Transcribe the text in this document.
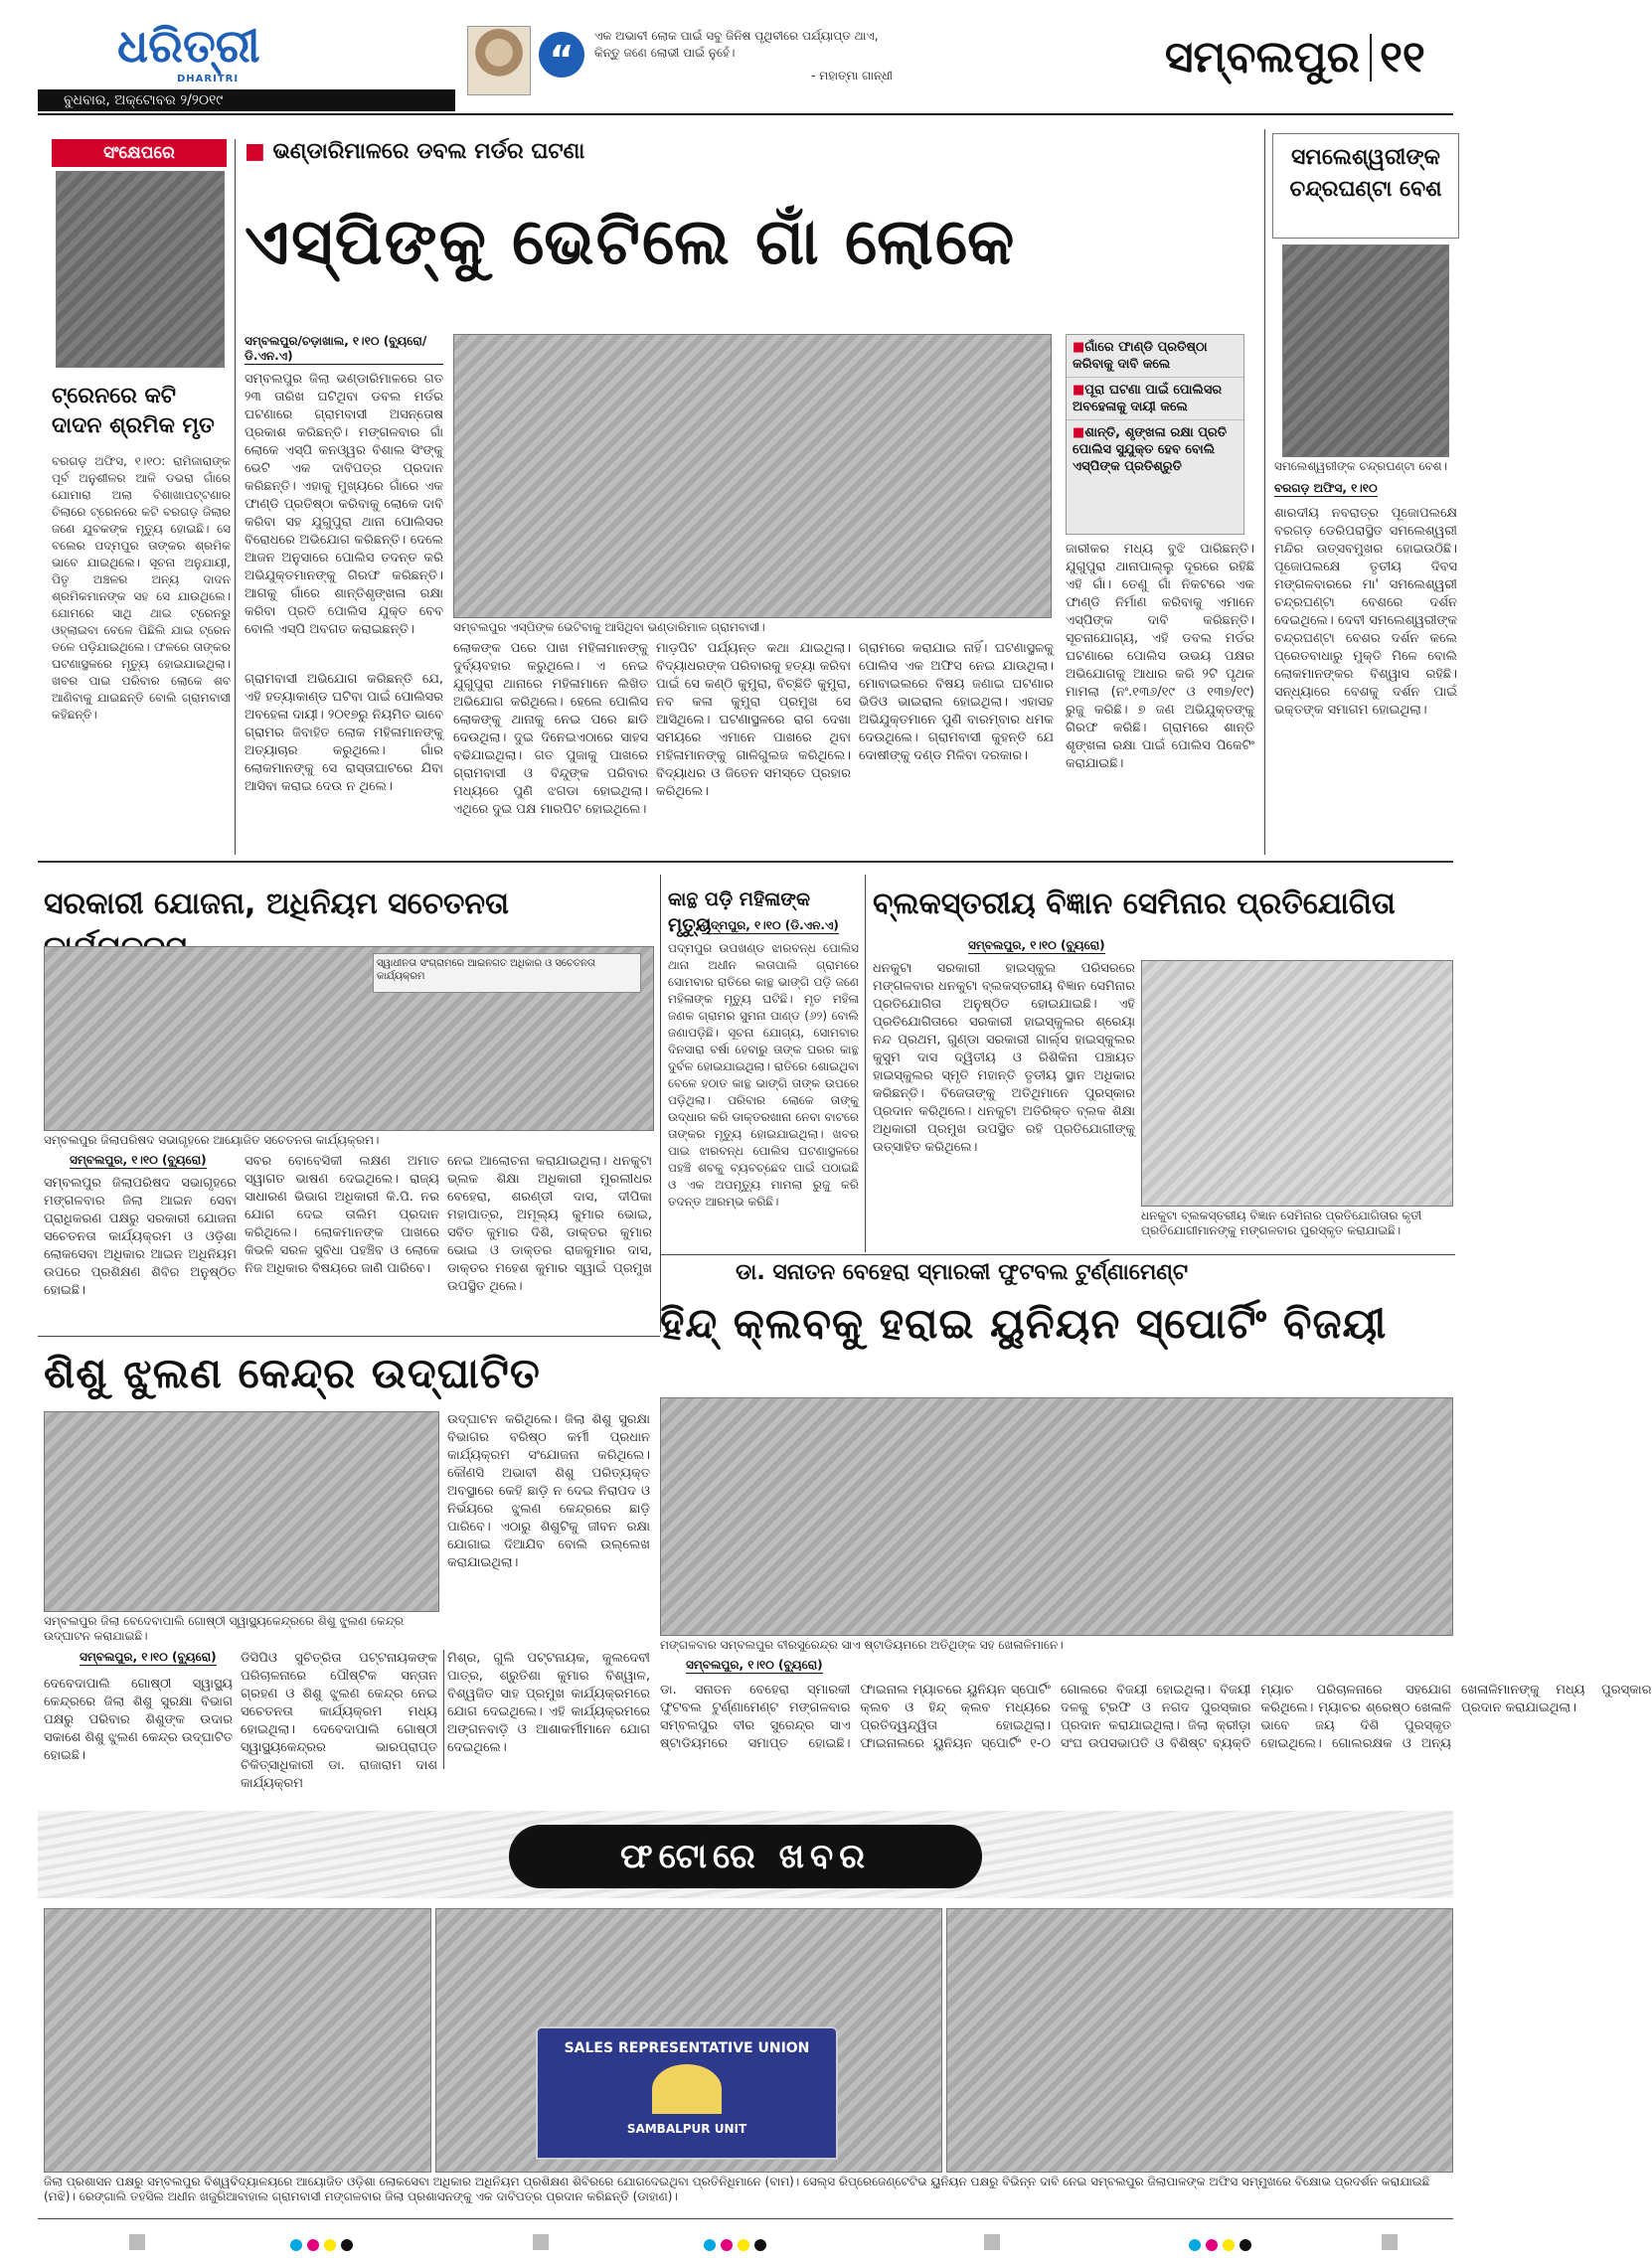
ଧରିତ୍ରୀ
DHARITRI
ବୁଧବାର, ଅକ୍ଟୋବର ୨/୨୦୧୯
“
ଏକ ଅଭାବୀ ଲୋକ ପାଇଁ ସବୁ ଜିନିଷ ପୃଥିବୀରେ ପର୍ଯ୍ୟାପ୍ତ ଥାଏ, କିନ୍ତୁ ଜଣେ ଲୋଭୀ ପାଇଁ ନୁହେଁ।
- ମହାତ୍ମା ଗାନ୍ଧୀ	ସମ୍ବଲପୁର ୧୧
ସଂକ୍ଷେପରେ
ଟ୍ରେନରେ କଟି ଦାଦନ ଶ୍ରମିକ ମୃତ
ବରଗଡ଼ ଅଫିସ, ୧।୧୦: ରାମିଜାରାଙ୍କ ପୂର୍ବ ଅନୁଶୀଳର ଆଳି ଡଭରା ଗାଁରେ ଯୋମାରା ଅଲା ବିଶାଖାପଟ୍ଟଣାର ଚିଲାରେ ଟ୍ରେନରେ କଟି ବରଗଡ଼ ଜିଲାର ଜଣେ ଯୁବକଙ୍କ ମୃତ୍ୟୁ ହୋଇଛି। ସେ ବଲେର ପଦ୍ମପୁର ତାଙ୍କର ଶ୍ରମିକ ଭାବେ ଯାଇଥିଲେ। ସୂଚନା ଅନୁଯାୟୀ, ପିତୃ ଅଞ୍ଚଳର ଅନ୍ୟ ଦାଦନ ଶ୍ରମିକମାନଙ୍କ ସହ ସେ ଯାଉଥିଲେ। ଯୋମରେ ସାଥି ଥାଇ ଟ୍ରେନରୁ ଓହ୍ଲାଇବା ବେଳେ ପିଛିଲି ଯାଇ ଟ୍ରେନ ତଳେ ପଡ଼ିଯାଇଥିଲେ। ଫଳରେ ତାଙ୍କର ଘଟଣାସ୍ଥଳରେ ମୃତ୍ୟୁ ହୋଇଯାଇଥିଲା। ଖବର ପାଇ ପରିବାର ଲୋକେ ଶବ ଆଣିବାକୁ ଯାଇଛନ୍ତି ବୋଲି ଗ୍ରାମବାସୀ କହିଛନ୍ତି।
■ ଭଣ୍ଡାରିମାଳରେ ଡବଲ ମର୍ଡର ଘଟଣା
ଏସ୍‌ପିଙ୍କୁ ଭେଟିଲେ ଗାଁ ଲୋକେ
ସମ୍ବଲପୁର/ଚଡ଼ାଖାଲ, ୧।୧୦ (ବ୍ୟୁରୋ/ଡି.ଏନ.ଏ)
ସମ୍ବଲପୁର ଜିଲା ଭଣ୍ଡାରିମାଳରେ ଗତ ୨୩ ତାରିଖ ଘଟିଥିବା ଡବଲ ମର୍ଡର ଘଟଣାରେ ଗ୍ରାମବାସୀ ଅସନ୍ତୋଷ ପ୍ରକାଶ କରିଛନ୍ତି। ମଙ୍ଗଳବାର ଗାଁ ଲୋକେ ଏସ୍‌ପି କନଓ୍ୱର ବିଶାଲ ସିଂଙ୍କୁ ଭେଟି ଏକ ଦାବିପତ୍ର ପ୍ରଦାନ କରିଛନ୍ତି। ଏହାକୁ ମୁଖ୍ୟରେ ଗାଁରେ ଏକ ଫାଣ୍ଡି ପ୍ରତିଷ୍ଠା କରିବାକୁ ଲୋକେ ଦାବି କରିବା ସହ ଯୁଗୁପୁରା ଥାନା ପୋଲିସର ବିରୋଧରେ ଅଭିଯୋଗ କରିଛନ୍ତି। ଦେଲେ ଆଜନ ଅନୁସାରେ ପୋଲିସ ତଦନ୍ତ କରି ଅଭିଯୁକ୍ତମାନଙ୍କୁ ଗିରଫ କରିଛନ୍ତି। ଆଗକୁ ଗାଁରେ ଶାନ୍ତିଶୃଙ୍ଖଳା ରକ୍ଷା କରିବା ପ୍ରତି ପୋଲିସ ଯୁକ୍ତ ବେବ ବୋଲି ଏସ୍‌ପି ଅବଗତ କରାଇଛନ୍ତି।
ଗ୍ରାମବାସୀ ଅଭିଯୋଗ କରିଛନ୍ତି ଯେ, ଏହି ହତ୍ୟାକାଣ୍ଡ ଘଟିବା ପାଇଁ ପୋଲିସର ଅବହେଳା ଦାୟୀ। ୨୦୧୭ରୁ ନିୟମିତ ଭାବେ ଗ୍ରାମର ଜିବାହିତ ଲୋକ ମହିଳାମାନଙ୍କୁ ଅତ୍ୟାଚାର କରୁଥିଲେ। ଗାଁର ଲୋକମାନଙ୍କୁ ସେ ରାସ୍ତାଘାଟରେ ଯିବା ଆସିବା କରାଇ ଦେଉ ନ ଥିଲେ।
ସମ୍ବଲପୁର ଏସ୍‌ପିଙ୍କ ଭେଟିବାକୁ ଆସିଥିବା ଭଣ୍ଡାରିମାଳ ଗ୍ରାମବାସୀ।
ଲୋକଙ୍କ ପରେ ପାଖ ମହିଳାମାନଙ୍କୁ ଦୁର୍ବ୍ୟବହାର କରୁଥିଲେ। ଏ ନେଇ ଯୁଗୁପୁରା ଥାନାରେ ମହିଳାମାନେ ଲିଖିତ ଅଭିଯୋଗ କରିଥିଲେ। ହେଲେ ପୋଲିସ ଲୋକଙ୍କୁ ଥାନାକୁ ନେଇ ପରେ ଛାଡି ଦେଉଥିଲା। ଦୁଇ ଦିନେଇଏଠାରେ ସାହସ ବଢିଯାଇଥିଲା। ଗତ ପୁଜାକୁ ପାଖରେ ଗ୍ରାମବାସୀ ଓ ବିନ୍ଦୁଙ୍କ ପରିବାର ମଧ୍ୟରେ ପୁଣି ଝଗଡା ହୋଇଥିଲା। ଏଥିରେ ଦୁଇ ପକ୍ଷ ମାରପିଟ ହୋଇଥିଲେ।
ମାଡ଼ପିଟ ପର୍ଯ୍ୟନ୍ତ କଥା ଯାଇଥିଲା। ବିଦ୍ୟାଧରଙ୍କ ପରିବାରକୁ ହତ୍ୟା କରିବା ପାଇଁ ସେ କଣ୍ଠି କୁମୁରା, ବିଚ୍ଛିତି କୁମୁରା, ନବ କଳା କୁମୁରା ପ୍ରମୁଖ ସେ ଆସିଥିଲେ। ଘଟଣାସ୍ଥଳରେ ରାଗ ଦେଖା ସମୟରେ ଏମାନେ ପାଖରେ ଥିବା ମହିଳାମାନଙ୍କୁ ଗାଳିଗୁଲଜ କରିଥିଲେ। ବିଦ୍ୟାଧର ଓ ଜିତେନ ସମସ୍ତେ ପ୍ରହାର କରିଥିଲେ।
ଗ୍ରାମରେ କରାଯାଇ ନାହିଁ। ଘଟଣାସ୍ଥଳକୁ ପୋଲିସ ଏକ ଅଫିସ ନେଇ ଯାଉଥିଲା। ମୋବାଇଲରେ ବିଷୟ ଜଣାଇ ଘଟଣାର ଭିଡିଓ ଭାଇରାଲ ହୋଇଥିଲା। ଏହାସହ ଅଭିଯୁକ୍ତମାନେ ପୁଣି ବାରମ୍ବାର ଧମକ ଦେଉଥିଲେ। ଗ୍ରାମବାସୀ କୁହନ୍ତି ଯେ ଦୋଷୀଙ୍କୁ ଦଣ୍ଡ ମିଳିବା ଦରକାର।
■ ଗାଁରେ ଫାଣ୍ଡି ପ୍ରତିଷ୍ଠା କରିବାକୁ ଦାବି କଲେ
■ ପୂରା ଘଟଣା ପାଇଁ ପୋଲିସର ଅବହେଳାକୁ ଦାୟୀ କଲେ
■ ଶାନ୍ତି, ଶୃଙ୍ଖଳା ରକ୍ଷା ପ୍ରତି ପୋଲିସ ସୁଯୁକ୍ତ ହେବ ବୋଲି ଏସ୍‌ପିଙ୍କ ପ୍ରତିଶ୍ରୁତି
ଜାରୀକର ମଧ୍ୟ ବୁଝି ପାରିଛନ୍ତି। ଯୁଗୁପୁରା ଥାନାପାଲ୍ଲୁ ଦୂରରେ ରହିଛି ଏହି ଗାଁ। ତେଣୁ ଗାଁ ନିକଟରେ ଏକ ଫାଣ୍ଡି ନିର୍ମାଣ କରିବାକୁ ଏମାନେ ଏସ୍‌ପିଙ୍କ ଦାବି କରିଛନ୍ତି। ସୂଚନାଯୋଗ୍ୟ, ଏହି ଡବଲ ମର୍ଡର ଘଟଣାରେ ପୋଲିସ ଉଭୟ ପକ୍ଷର ଅଭିଯୋଗକୁ ଆଧାର କରି ୨ଟି ପୃଥକ ମାମଲା (ନଂ.୧୩୬/୧୯ ଓ ୧୩୭/୧୯) ରୁଜୁ କରିଛି। ୭ ଜଣ ଅଭିଯୁକ୍ତଙ୍କୁ ଗିରଫ କରିଛି। ଗ୍ରାମରେ ଶାନ୍ତି ଶୃଙ୍ଖଳା ରକ୍ଷା ପାଇଁ ପୋଲିସ ପିକେଟିଂ କରାଯାଇଛି।
ସମଲେଶ୍ୱରୀଙ୍କ ଚନ୍ଦ୍ରଘଣ୍ଟା ବେଶ
ସମଲେଶ୍ୱରୀଙ୍କ ଚନ୍ଦ୍ରଘଣ୍ଟା ବେଶ।
ବରଗଡ଼ ଅଫିସ, ୧।୧୦
ଶାରଦୀୟ ନବରାତ୍ର ପୂଜୋପଲକ୍ଷେ ବରଗଡ଼ ଡେରିପରାସ୍ଥିତ ସମଲେଶ୍ୱରୀ ମନ୍ଦିର ଉତ୍ସବମୁଖର ହୋଇଉଠିଛି। ପୂଜୋପଲକ୍ଷେ ତୃତୀୟ ଦିବସ ମଙ୍ଗଳବାରରେ ମା' ସମଲେଶ୍ୱରୀ ଚନ୍ଦ୍ରଘଣ୍ଟା ବେଶରେ ଦର୍ଶନ ଦେଇଥିଲେ। ଦେବୀ ସମଲେଶ୍ୱରୀଙ୍କ ଚନ୍ଦ୍ରଘଣ୍ଟା ବେଶର ଦର୍ଶନ କଲେ ପ୍ରେତବାଧାରୁ ମୁକ୍ତି ମିଳେ ବୋଲି ଲୋକମାନଙ୍କର ବିଶ୍ୱାସ ରହିଛି। ସନ୍ଧ୍ୟାରେ ବେଶକୁ ଦର୍ଶନ ପାଇଁ ଭକ୍ତଙ୍କ ସମାଗମ ହୋଇଥିଲା।
ସରକାରୀ ଯୋଜନା, ଅଧିନିୟମ ସଚେତନତା
ସ୍ୱାଧୀନତା ସଂଗ୍ରାମରେ ଆଇନଗତ ଅଧିକାର ଓ ସଚେତନତା କାର୍ଯ୍ୟକ୍ରମ
ସମ୍ବଲପୁର ଜିଲାପରିଷଦ ସଭାଗୃହରେ ଆୟୋଜିତ ସଚେତନତା କାର୍ଯ୍ୟକ୍ରମ।
ସମ୍ବଲପୁର, ୧।୧୦ (ବ୍ୟୁରୋ)
ସମ୍ବଲପୁର ଜିଲାପରିଷଦ ସଭାଗୃହରେ ମଙ୍ଗଳବାର ଜିଲା ଆଇନ ସେବା ପ୍ରାଧିକରଣ ପକ୍ଷରୁ ସରକାରୀ ଯୋଜନା ସଚେତନତା କାର୍ଯ୍ୟକ୍ରମ ଓ ଓଡ଼ିଶା ଲୋକସେବା ଅଧିକାର ଆଇନ ଅଧିନିୟମ ଉପରେ ପ୍ରଶିକ୍ଷଣ ଶିବିର ଅନୁଷ୍ଠିତ ହୋଇଛି।
ସବର ବୋବେସିକୀ ଲକ୍ଷଣ ଅମାତ ସ୍ୱାଗତ ଭାଷଣ ଦେଇଥିଲେ। ରାଜ୍ୟ ସାଧାରଣ ଭିଭାଗ ଅଧିକାରୀ କି.ପି. ନର ଯୋଗ ଦେଇ ତାଲିମ ପ୍ରଦାନ କରିଥିଲେ। ଲୋକମାନଙ୍କ ପାଖରେ କିଭଳି ସରଳ ସୁବିଧା ପହଞ୍ଚିବ ଓ ଲୋକେ ନିଜ ଅଧିକାର ବିଷୟରେ ଜାଣି ପାରିବେ।
ନେଇ ଆଲୋଚନା କରାଯାଇଥିଲା। ଧନକୁଟା ଭ୍ଲକ ଶିକ୍ଷା ଅଧିକାରୀ ମୁରଲୀଧର ବେହେରା, ଶରଣ୍ଡୀ ଦାସ, ଦୀପିକା ମହାପାତ୍ର, ଅମୂଲ୍ୟ କୁମାର ଭୋଇ, ସବିତ କୁମାର ଦିଶି, ଡାକ୍ତର କୁମାର ଭୋଇ ଓ ଡାକ୍ତର ରାଜକୁମାର ଦାସ, ଡାକ୍ତର ମହେଶ କୁମାର ସ୍ୱାଇଁ ପ୍ରମୁଖ ଉପସ୍ଥିତ ଥିଲେ।
କାନ୍ଥ ପଡ଼ି ମହିଳାଙ୍କ ମୃତ୍ୟୁ
ପଦ୍ମପୁର, ୧।୧୦ (ଡି.ଏନ.ଏ)
ପଦ୍ମପୁର ଉପଖଣ୍ଡ ଝାରବନ୍ଧ ପୋଲିସ ଥାନା ଅଧୀନ ଲତାପାଲି ଗ୍ରାମରେ ସୋମବାର ରାତିରେ କାନ୍ଥ ଭାଙ୍ଗି ପଡ଼ି ଜଣେ ମହିଳାଙ୍କ ମୃତ୍ୟୁ ଘଟିଛି। ମୃତ ମହିଳା ଜଣକ ଗ୍ରାମର ସୁମନା ପାଣ୍ଡ (୬୨) ବୋଲି ଜଣାପଡ଼ିଛି। ସୂଚନା ଯୋଗ୍ୟ, ସୋମବାର ଦିନସାରା ବର୍ଷା ହେବାରୁ ତାଙ୍କ ଘରର କାନ୍ଥ ଦୁର୍ବଳ ହୋଇଯାଇଥିଲା। ରାତିରେ ଶୋଇଥିବା ବେଳେ ହଠାତ କାନ୍ଥ ଭାଙ୍ଗି ତାଙ୍କ ଉପରେ ପଡ଼ିଥିଲା। ପରିବାର ଲୋକେ ତାଙ୍କୁ ଉଦ୍ଧାର କରି ଡାକ୍ତରଖାନା ନେବା ବାଟରେ ତାଙ୍କର ମୃତ୍ୟୁ ହୋଇଯାଇଥିଲା। ଖବର ପାଇ ଝାରବନ୍ଧ ପୋଲିସ ଘଟଣାସ୍ଥଳରେ ପହଞ୍ଚି ଶବକୁ ବ୍ୟବଚ୍ଛେଦ ପାଇଁ ପଠାଇଛି ଓ ଏକ ଅପମୃତ୍ୟୁ ମାମଲା ରୁଜୁ କରି ତଦନ୍ତ ଆରମ୍ଭ କରିଛି।
ବ୍ଲକସ୍ତରୀୟ ବିଜ୍ଞାନ ସେମିନାର ପ୍ରତିଯୋଗିତା
ସମ୍ବଲପୁର, ୧।୧୦ (ବ୍ୟୁରୋ)
ଧନକୁଟା ସରକାରୀ ହାଇସ୍କୁଲ ପରିସରରେ ମଙ୍ଗଳବାର ଧନକୁଟା ବ୍ଲକସ୍ତରୀୟ ବିଜ୍ଞାନ ସେମିନାର ପ୍ରତିଯୋଗିତା ଅନୁଷ୍ଠିତ ହୋଇଯାଇଛି। ଏହି ପ୍ରତିଯୋଗିତାରେ ସରକାରୀ ହାଇସ୍କୁଲର ଶ୍ରେୟା ନନ୍ଦ ପ୍ରଥମ, ଗୁଣ୍ଡା ସରକାରୀ ଗାର୍ଲ୍ସ ହାଇସ୍କୁଲର କୁସୁମ ଦାସ ଦ୍ୱିତୀୟ ଓ ରିଶିକିନା ପଞ୍ଚାୟତ ହାଇସ୍କୁଲର ସ୍ମୃତି ମହାନ୍ତି ତୃତୀୟ ସ୍ଥାନ ଅଧିକାର କରିଛନ୍ତି। ବିଜେତାଙ୍କୁ ଅତିଥିମାନେ ପୁରସ୍କାର ପ୍ରଦାନ କରିଥିଲେ। ଧନକୁଟା ଅତିରିକ୍ତ ବ୍ଲକ ଶିକ୍ଷା ଅଧିକାରୀ ପ୍ରମୁଖ ଉପସ୍ଥିତ ରହି ପ୍ରତିଯୋଗୀଙ୍କୁ ଉତ୍ସାହିତ କରିଥିଲେ।
ଧନକୁଟା ବ୍ଲକସ୍ତରୀୟ ବିଜ୍ଞାନ ସେମିନାର ପ୍ରତିଯୋଗିତାର କୃତୀ ପ୍ରତିଯୋଗୀମାନଙ୍କୁ ମଙ୍ଗଳବାର ପୁରସ୍କୃତ କରାଯାଇଛି।
ଡା. ସନାତନ ବେହେରା ସ୍ମାରକୀ ଫୁଟବଲ ଟୁର୍ଣ୍ଣାମେଣ୍ଟ
ହିନ୍ଦ୍ କ୍ଲବକୁ ହରାଇ ୟୁନିୟନ ସ୍ପୋର୍ଟିଂ ବିଜୟୀ
ମଙ୍ଗଳବାର ସମ୍ବଲପୁର ବୀରସୁରେନ୍ଦ୍ର ସାଏ ଷ୍ଟାଡିୟମରେ ଅତିଥିଙ୍କ ସହ ଖେଳାଳିମାନେ।
ସମ୍ବଲପୁର, ୧।୧୦ (ବ୍ୟୁରୋ)
ଡା. ସନାତନ ବେହେରା ସ୍ମାରକୀ ଫୁଟବଲ ଟୁର୍ଣ୍ଣାମେଣ୍ଟ ମଙ୍ଗଳବାର ସମ୍ବଲପୁର ବୀର ସୁରେନ୍ଦ୍ର ସାଏ ଷ୍ଟାଡିୟମରେ ସମାପ୍ତ ହୋଇଛି। ଫାଇନାଲ ମ୍ୟାଚରେ ୟୁନିୟନ ସ୍ପୋର୍ଟିଂ କ୍ଲବ ଓ ହିନ୍ଦ୍ କ୍ଲବ ମଧ୍ୟରେ ପ୍ରତିଦ୍ୱନ୍ଦ୍ୱିତା ହୋଇଥିଲା। ଫାଇନାଲରେ ୟୁନିୟନ ସ୍ପୋର୍ଟିଂ ୧-୦ ଗୋଲରେ ବିଜୟୀ ହୋଇଥିଲା। ବିଜୟୀ ଦଳକୁ ଟ୍ରଫି ଓ ନଗଦ ପୁରସ୍କାର ପ୍ରଦାନ କରାଯାଇଥିଲା। ଜିଲା କ୍ରୀଡ଼ା ସଂଘ ଉପସଭାପତି ଓ ବିଶିଷ୍ଟ ବ୍ୟକ୍ତି ମ୍ୟାଚ ପରିଚାଳନାରେ ସହଯୋଗ କରିଥିଲେ। ମ୍ୟାଚର ଶ୍ରେଷ୍ଠ ଖେଳାଳି ଭାବେ ଜୟ ଦିଶି ପୁରସ୍କୃତ ହୋଇଥିଲେ। ଗୋଲରକ୍ଷକ ଓ ଅନ୍ୟ ଖେଳାଳିମାନଙ୍କୁ ମଧ୍ୟ ପୁରସ୍କାର ପ୍ରଦାନ କରାଯାଇଥିଲା।
ଶିଶୁ ଝୁଲଣ କେନ୍ଦ୍ର ଉଦ୍‌ଘାଟିତ
ସମ୍ବଲପୁର ଜିଲା ବେଦେବାପାଲି ଗୋଷ୍ଠୀ ସ୍ୱାସ୍ଥ୍ୟକେନ୍ଦ୍ରରେ ଶିଶୁ ଝୁଲଣ କେନ୍ଦ୍ର ଉଦ୍‌ଘାଟନ କରାଯାଇଛି।
ସମ୍ବଲପୁର, ୧।୧୦ (ବ୍ୟୁରୋ)
ଦେବେଦାପାଲି ଗୋଷ୍ଠୀ ସ୍ୱାସ୍ଥ୍ୟ କେନ୍ଦ୍ରରେ ଜିଲା ଶିଶୁ ସୁରକ୍ଷା ବିଭାଗ ପକ୍ଷରୁ ପରିବାର ଶିଶୁଙ୍କ ଉଦାର ସକାଶେ ଶିଶୁ ଝୁଲଣ କେନ୍ଦ୍ର ଉଦ୍‌ଘାଟିତ ହୋଇଛି।
ଡିସିପିଓ ସୁଚିତ୍ରିତା ପଟ୍ଟନାୟକଙ୍କ ପରିଚାଳନାରେ ପୌଷ୍ଟିକ ସନ୍ତାନ ଗ୍ରହଣ ଓ ଶିଶୁ ଝୁଲଣ କେନ୍ଦ୍ର ନେଇ ସଚେତନତା କାର୍ଯ୍ୟକ୍ରମ ମଧ୍ୟ ହୋଇଥିଲା। ଦେବେଦାପାଲି ଗୋଷ୍ଠୀ ସ୍ୱାସ୍ଥ୍ୟକେନ୍ଦ୍ରର ଭାରପ୍ରାପ୍ତ ଚିକିତ୍ସାଧିକାରୀ ଡା. ରାଜାରାମ ଦାଶ କାର୍ଯ୍ୟକ୍ରମ
ଉଦ୍‌ଘାଟନ କରିଥିଲେ। ଜିଲା ଶିଶୁ ସୁରକ୍ଷା ବିଭାଗର ବରିଷ୍ଠ କର୍ମୀ ପ୍ରଧାନ କାର୍ଯ୍ୟକ୍ରମ ସଂଯୋଜନା କରିଥିଲେ। କୌଣସି ଅଭାବୀ ଶିଶୁ ପରିତ୍ୟକ୍ତ ଅବସ୍ଥାରେ କେହି ଛାଡ଼ି ନ ଦେଇ ନିରାପଦ ଓ ନିର୍ଭୟରେ ଝୁଲଣ କେନ୍ଦ୍ରରେ ଛାଡ଼ି ପାରିବେ। ଏଠାରୁ ଶିଶୁଟିକୁ ଜୀବନ ରକ୍ଷା ଯୋଗାଇ ଦିଆଯିବ ବୋଲି ଉଲ୍ଲେଖ କରାଯାଇଥିଲା।
ମିଶ୍ର, ଗୁଲି ପଟ୍ଟନାୟକ, କୁଲଦେବୀ ପାତ୍ର, ଶ୍ରୁତିଶା କୁମାର ବିଶ୍ୱାଳ, ବିଶ୍ୱଜିତ ସାହ ପ୍ରମୁଖ କାର୍ଯ୍ୟକ୍ରମରେ ଯୋଗ ଦେଇଥିଲେ। ଏହି କାର୍ଯ୍ୟକ୍ରମରେ ଅଙ୍ଗନବାଡ଼ି ଓ ଆଶାକର୍ମୀମାନେ ଯୋଗ ଦେଇଥିଲେ।
ଫଟୋରେ ଖବର
SALES REPRESENTATIVE UNION
SAMBALPUR UNIT
ଜିଲା ପ୍ରଶାସନ ପକ୍ଷରୁ ସମ୍ବଲପୁର ବିଶ୍ୱବିଦ୍ୟାଳୟରେ ଆୟୋଜିତ ଓଡ଼ିଶା ଲୋକସେବା ଅଧିକାର ଅଧିନିୟମ ପ୍ରଶିକ୍ଷଣ ଶିବିରରେ ଯୋଗଦେଇଥିବା ପ୍ରତିନିଧିମାନେ (ବାମ)। ସେଲ୍ସ ରିପ୍ରେଜେଣ୍ଟେଟିଭ ୟୁନିୟନ ପକ୍ଷରୁ ବିଭିନ୍ନ ଦାବି ନେଇ ସମ୍ବଲପୁର ଜିଲାପାଳଙ୍କ ଅଫିସ ସମ୍ମୁଖରେ ବିକ୍ଷୋଭ ପ୍ରଦର୍ଶନ କରାଯାଇଛି (ମଝି)। ରେଙ୍ଗାଲି ତହସିଲ ଅଧୀନ ଖଜୁରିଆବାହାଲ ଗ୍ରାମବାସୀ ମଙ୍ଗଳବାର ଜିଲା ପ୍ରଶାସନଙ୍କୁ ଏକ ଦାବିପତ୍ର ପ୍ରଦାନ କରିଛନ୍ତି (ଡାହାଣ)।
